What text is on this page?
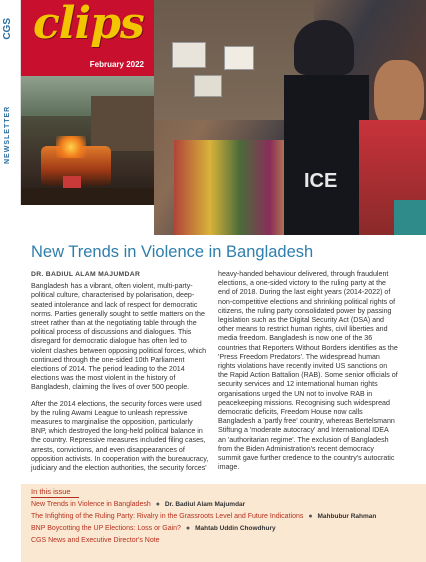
CGS
NEWSLETTER
clips
February 2022
ICE
New Trends in Violence in Bangladesh
DR. BADIUL ALAM MAJUMDAR

Bangladesh has a vibrant, often violent, multi-party-political culture, characterised by polarisation, deep-seated intolerance and lack of respect for democratic norms. Parties generally sought to settle matters on the street rather than at the negotiating table through the political process of discussions and dialogues. This disregard for democratic dialogue has often led to violent clashes between opposing political forces, which continued through the one-sided 10th Parliament elections of 2014. The period leading to the 2014 elections was the most violent in the history of Bangladesh, claiming the lives of over 500 people.

After the 2014 elections, the security forces were used by the ruling Awami League to unleash repressive measures to marginalise the opposition, particularly BNP, which destroyed the long-held political balance in the country. Repressive measures included filing cases, arrests, convictions, and even disappearances of opposition activists. In cooperation with the bureaucracy, judiciary and the election authorities, the security forces'

heavy-handed behaviour delivered, through fraudulent elections, a one-sided victory to the ruling party at the end of 2018. During the last eight years (2014-2022) of non-competitive elections and shrinking political rights of citizens, the ruling party consolidated power by passing legislation such as the Digital Security Act (DSA) and other means to restrict human rights, civil liberties and media freedom. Bangladesh is now one of the 36 countries that Reporters Without Borders identifies as the 'Press Freedom Predators'. The widespread human rights violations have recently invited US sanctions on the Rapid Action Battalion (RAB). Some senior officials of security services and 12 international human rights organisations urged the UN not to involve RAB in peacekeeping missions. Recognising such widespread democratic deficits, Freedom House now calls Bangladesh a 'partly free' country, whereas Bertelsmann Stiftung a 'moderate autocracy' and International IDEA an 'authoritarian regime'. The exclusion of Bangladesh from the Biden Administration's recent democracy summit gave further credence to the country's autocratic image.

In this issue
New Trends in Violence in Bangladesh ● Dr. Badiul Alam Majumdar
The Infighting of the Ruling Party: Rivalry in the Grassroots Level and Future Indications ● Mahbubur Rahman
BNP Boycotting the UP Elections: Loss or Gain? ● Mahtab Uddin Chowdhury
CGS News and Executive Director's Note
